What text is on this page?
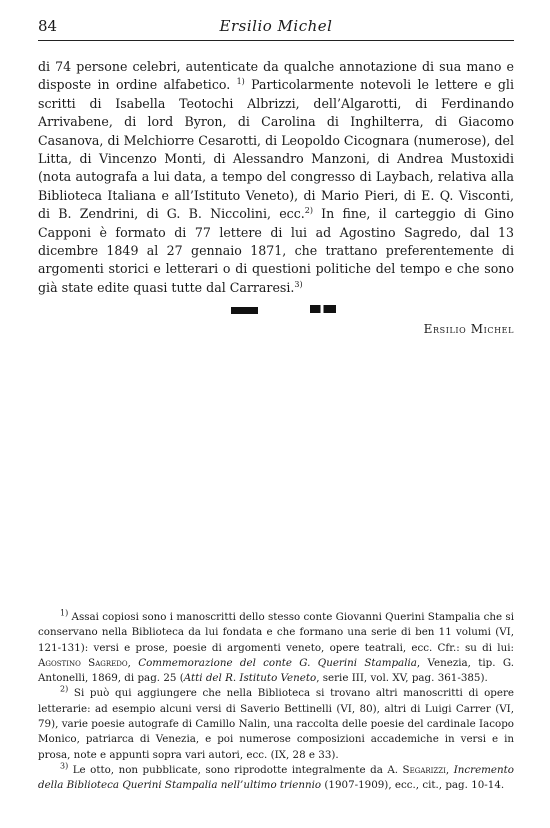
84	Ersilio Michel

di 74 persone celebri, autenticate da qualche annotazione di sua mano e disposte in ordine alfabetico. $^{1)}$ Particolarmente notevoli le lettere e gli scritti di Isabella Teotochi Albrizzi, dell’Algarotti, di Ferdinando Arrivabene, di lord Byron, di Carolina di Inghilterra, di Giacomo Casanova, di Melchiorre Cesarotti, di Leopoldo Cicognara (numerose), del Litta, di Vincenzo Monti, di Alessandro Manzoni, di Andrea Mustoxidi (nota autografa a lui data, a tempo del congresso di Laybach, relativa alla Biblioteca Italiana e all’Istituto Veneto), di Mario Pieri, di E. Q. Visconti, di B. Zendrini, di G. B. Niccolini, ecc.$^{2)}$ In fine, il carteggio di Gino Capponi è formato di 77 lettere di lui ad Agostino Sagredo, dal 13 dicembre 1849 al 27 gennaio 1871, che trattano preferentemente di argomenti storici e letterari o di questioni politiche del tempo e che sono già state edite quasi tutte dal Carraresi.$^{3)}$

Ersilio Michel

$^{1)}$ Assai copiosi sono i manoscritti dello stesso conte Giovanni Querini Stampalia che si conservano nella Biblioteca da lui fondata e che formano una serie di ben 11 volumi (VI, 121-131): versi e prose, poesie di argomenti veneto, opere teatrali, ecc. Cfr.: su di lui: Agostino Sagredo, Commemorazione del conte G. Querini Stampalia, Venezia, tip. G. Antonelli, 1869, di pag. 25 (Atti del R. Istituto Veneto, serie III, vol. XV, pag. 361-385).

$^{2)}$ Si può qui aggiungere che nella Biblioteca si trovano altri manoscritti di opere letterarie: ad esempio alcuni versi di Saverio Bettinelli (VI, 80), altri di Luigi Carrer (VI, 79), varie poesie autografe di Camillo Nalin, una raccolta delle poesie del cardinale Iacopo Monico, patriarca di Venezia, e poi numerose composizioni accademiche in versi e in prosa, note e appunti sopra vari autori, ecc. (IX, 28 e 33).

$^{3)}$ Le otto, non pubblicate, sono riprodotte integralmente da A. Segarizzi, Incremento della Biblioteca Querini Stampalia nell’ultimo triennio (1907-1909), ecc., cit., pag. 10-14.
